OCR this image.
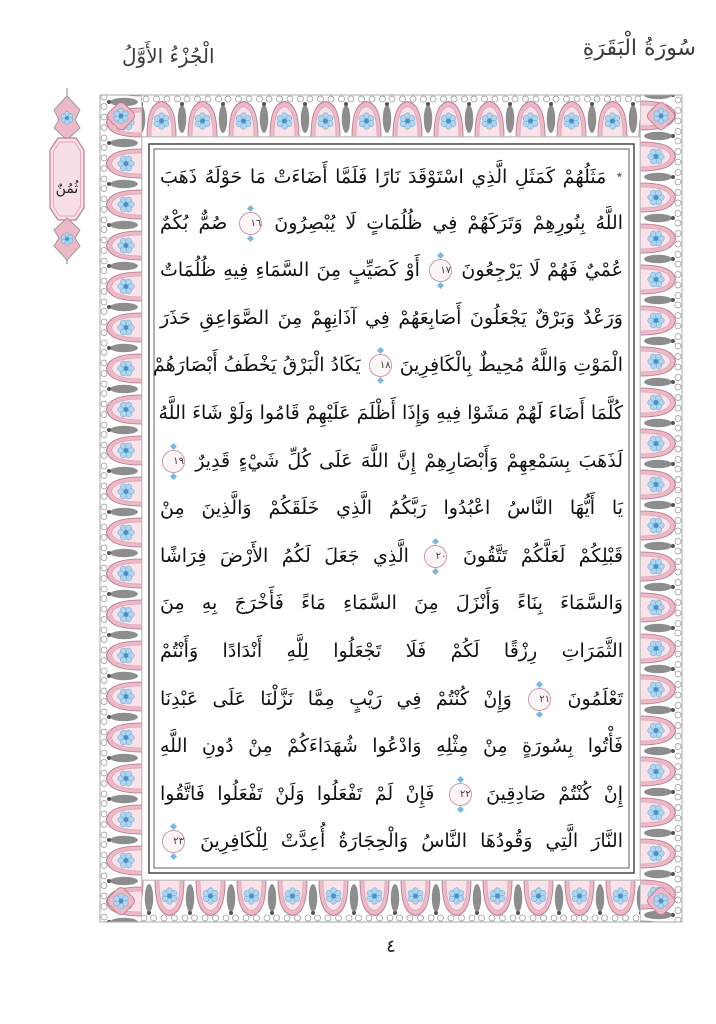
سُورَةُ الْبَقَرَةِ
الْجُزْءُ الأَوَّلُ
ثُمُنٌ
٭ مَثَلُهُمْ كَمَثَلِ الَّذِي اسْتَوْقَدَ نَارًا فَلَمَّا أَضَاءَتْ مَا حَوْلَهُ ذَهَبَ
اللَّهُ بِنُورِهِمْ وَتَرَكَهُمْ فِي ظُلُمَاتٍ لَا يُبْصِرُونَ ١٦ صُمٌّ بُكْمٌ
عُمْيٌ فَهُمْ لَا يَرْجِعُونَ ١٧ أَوْ كَصَيِّبٍ مِنَ السَّمَاءِ فِيهِ ظُلُمَاتٌ
وَرَعْدٌ وَبَرْقٌ يَجْعَلُونَ أَصَابِعَهُمْ فِي آذَانِهِمْ مِنَ الصَّوَاعِقِ حَذَرَ
الْمَوْتِ وَاللَّهُ مُحِيطٌ بِالْكَافِرِينَ ١٨ يَكَادُ الْبَرْقُ يَخْطَفُ أَبْصَارَهُمْ
كُلَّمَا أَضَاءَ لَهُمْ مَشَوْا فِيهِ وَإِذَا أَظْلَمَ عَلَيْهِمْ قَامُوا وَلَوْ شَاءَ اللَّهُ
لَذَهَبَ بِسَمْعِهِمْ وَأَبْصَارِهِمْ إِنَّ اللَّهَ عَلَى كُلِّ شَيْءٍ قَدِيرٌ ١٩
يَا أَيُّهَا النَّاسُ اعْبُدُوا رَبَّكُمُ الَّذِي خَلَقَكُمْ وَالَّذِينَ مِنْ
قَبْلِكُمْ لَعَلَّكُمْ تَتَّقُونَ ٢٠ الَّذِي جَعَلَ لَكُمُ الأَرْضَ فِرَاشًا
وَالسَّمَاءَ بِنَاءً وَأَنْزَلَ مِنَ السَّمَاءِ مَاءً فَأَخْرَجَ بِهِ مِنَ
الثَّمَرَاتِ رِزْقًا لَكُمْ فَلَا تَجْعَلُوا لِلَّهِ أَنْدَادًا وَأَنْتُمْ
تَعْلَمُونَ ٢١ وَإِنْ كُنْتُمْ فِي رَيْبٍ مِمَّا نَزَّلْنَا عَلَى عَبْدِنَا
فَأْتُوا بِسُورَةٍ مِنْ مِثْلِهِ وَادْعُوا شُهَدَاءَكُمْ مِنْ دُونِ اللَّهِ
إِنْ كُنْتُمْ صَادِقِينَ ٢٢ فَإِنْ لَمْ تَفْعَلُوا وَلَنْ تَفْعَلُوا فَاتَّقُوا
النَّارَ الَّتِي وَقُودُهَا النَّاسُ وَالْحِجَارَةُ أُعِدَّتْ لِلْكَافِرِينَ ٢٣
٤
